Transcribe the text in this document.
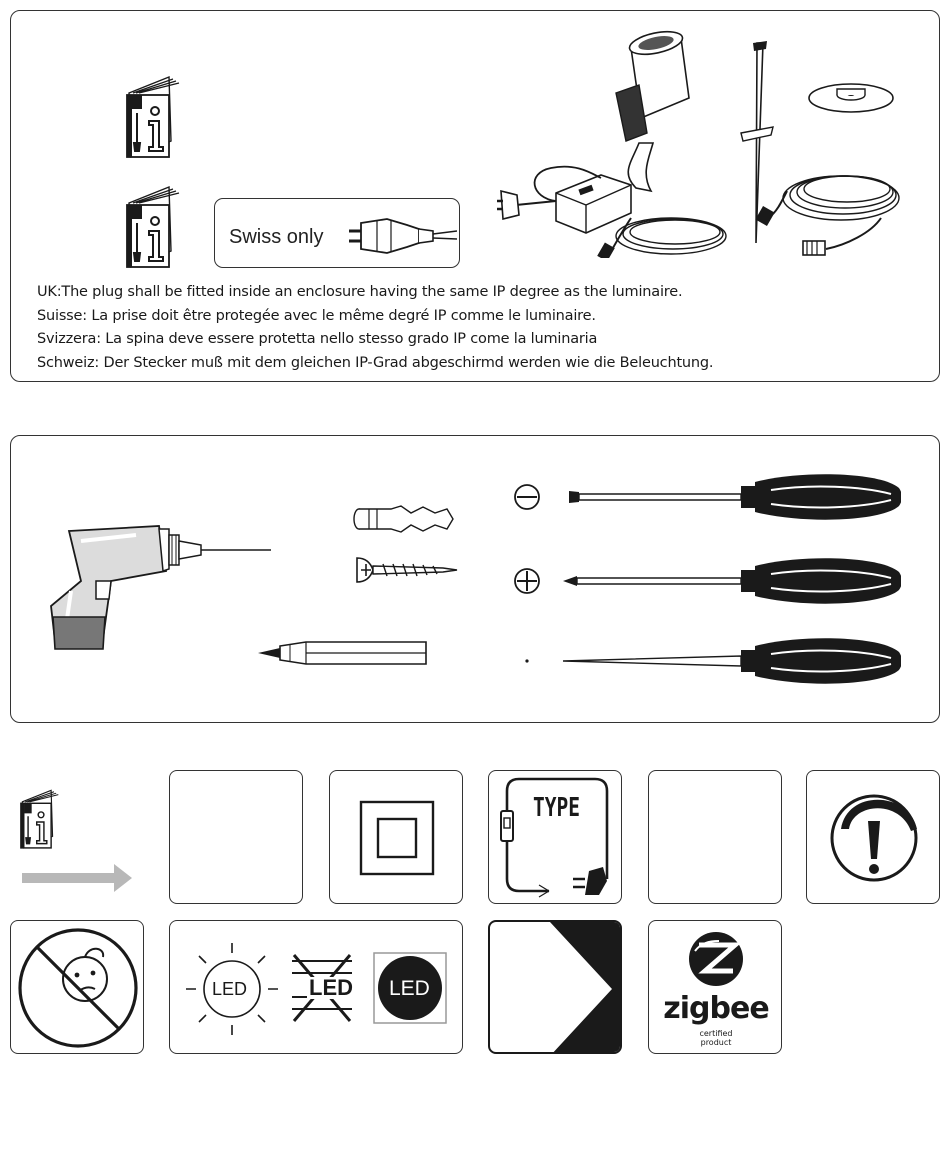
Swiss only
UK:The plug shall be fitted inside an enclosure having the same IP degree as the luminaire.
Suisse: La prise doit être protegée avec le même degré IP comme le luminaire.
Svizzera: La spina deve essere protetta nello stesso grado IP come la luminaria
Schweiz: Der Stecker muß mit dem gleichen IP-Grad abgeschirmd werden wie die Beleuchtung.
TYPE
LED	LED LED
zigbee
certified
product
